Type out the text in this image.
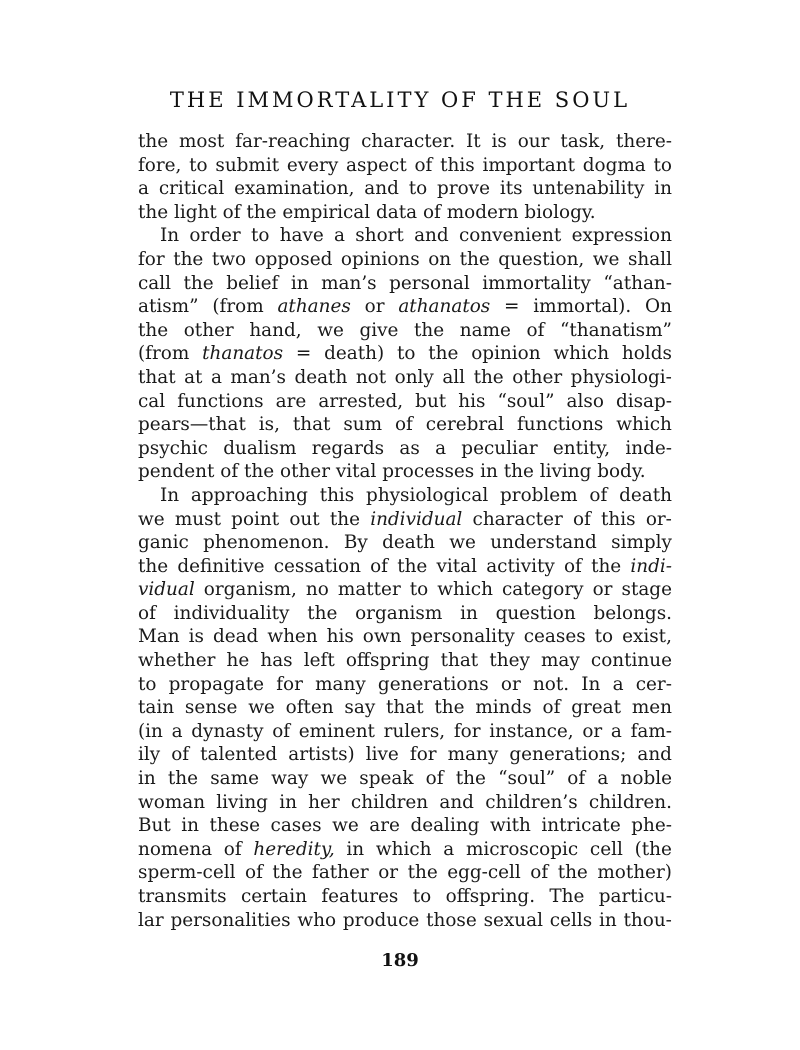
THE IMMORTALITY OF THE SOUL
the most far-reaching character. It is our task, there-
fore, to submit every aspect of this important dogma to
a critical examination, and to prove its untenability in
the light of the empirical data of modern biology.
In order to have a short and convenient expression
for the two opposed opinions on the question, we shall
call the belief in man’s personal immortality “athan-
atism” (from athanes or athanatos = immortal). On
the other hand, we give the name of “thanatism”
(from thanatos = death) to the opinion which holds
that at a man’s death not only all the other physiologi-
cal functions are arrested, but his “soul” also disap-
pears—that is, that sum of cerebral functions which
psychic dualism regards as a peculiar entity, inde-
pendent of the other vital processes in the living body.
In approaching this physiological problem of death
we must point out the individual character of this or-
ganic phenomenon. By death we understand simply
the definitive cessation of the vital activity of the indi-
vidual organism, no matter to which category or stage
of individuality the organism in question belongs.
Man is dead when his own personality ceases to exist,
whether he has left offspring that they may continue
to propagate for many generations or not. In a cer-
tain sense we often say that the minds of great men
(in a dynasty of eminent rulers, for instance, or a fam-
ily of talented artists) live for many generations; and
in the same way we speak of the “soul” of a noble
woman living in her children and children’s children.
But in these cases we are dealing with intricate phe-
nomena of heredity, in which a microscopic cell (the
sperm-cell of the father or the egg-cell of the mother)
transmits certain features to offspring. The particu-
lar personalities who produce those sexual cells in thou-
189
